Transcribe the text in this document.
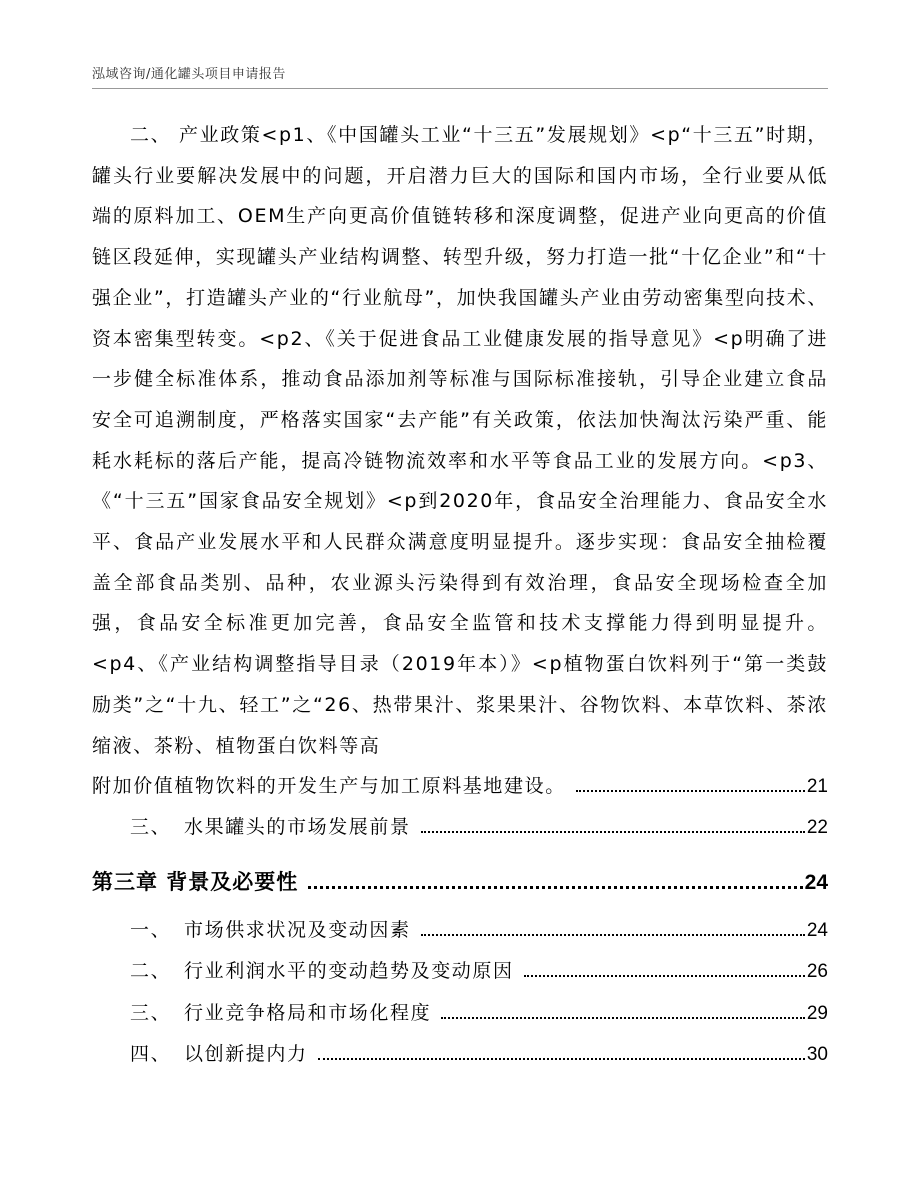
泓域咨询/通化罐头项目申请报告

二、 产业政策<p1、《中国罐头工业“十三五”发展规划》<p“十三五”时期，罐头行业要解决发展中的问题，开启潜力巨大的国际和国内市场，全行业要从低端的原料加工、OEM生产向更高价值链转移和深度调整，促进产业向更高的价值链区段延伸，实现罐头产业结构调整、转型升级，努力打造一批“十亿企业”和“十强企业”，打造罐头产业的“行业航母”，加快我国罐头产业由劳动密集型向技术、资本密集型转变。<p2、《关于促进食品工业健康发展的指导意见》<p明确了进一步健全标准体系，推动食品添加剂等标准与国际标准接轨，引导企业建立食品安全可追溯制度，严格落实国家“去产能”有关政策，依法加快淘汰污染严重、能耗水耗标的落后产能，提高冷链物流效率和水平等食品工业的发展方向。<p3、《“十三五”国家食品安全规划》<p到2020年，食品安全治理能力、食品安全水平、食品产业发展水平和人民群众满意度明显提升。逐步实现：食品安全抽检覆盖全部食品类别、品种，农业源头污染得到有效治理，食品安全现场检查全加强，食品安全标准更加完善，食品安全监管和技术支撑能力得到明显提升。<p4、《产业结构调整指导目录（2019年本）》<p植物蛋白饮料列于“第一类鼓励类”之“十九、轻工”之“26、热带果汁、浆果果汁、谷物饮料、本草饮料、茶浓缩液、茶粉、植物蛋白饮料等高

附加价值植物饮料的开发生产与加工原料基地建设。	21
三、 水果罐头的市场发展前景	22
第三章 背景及必要性	24
一、 市场供求状况及变动因素	24
二、 行业利润水平的变动趋势及变动原因	26
三、 行业竞争格局和市场化程度	29
四、 以创新提内力	30
